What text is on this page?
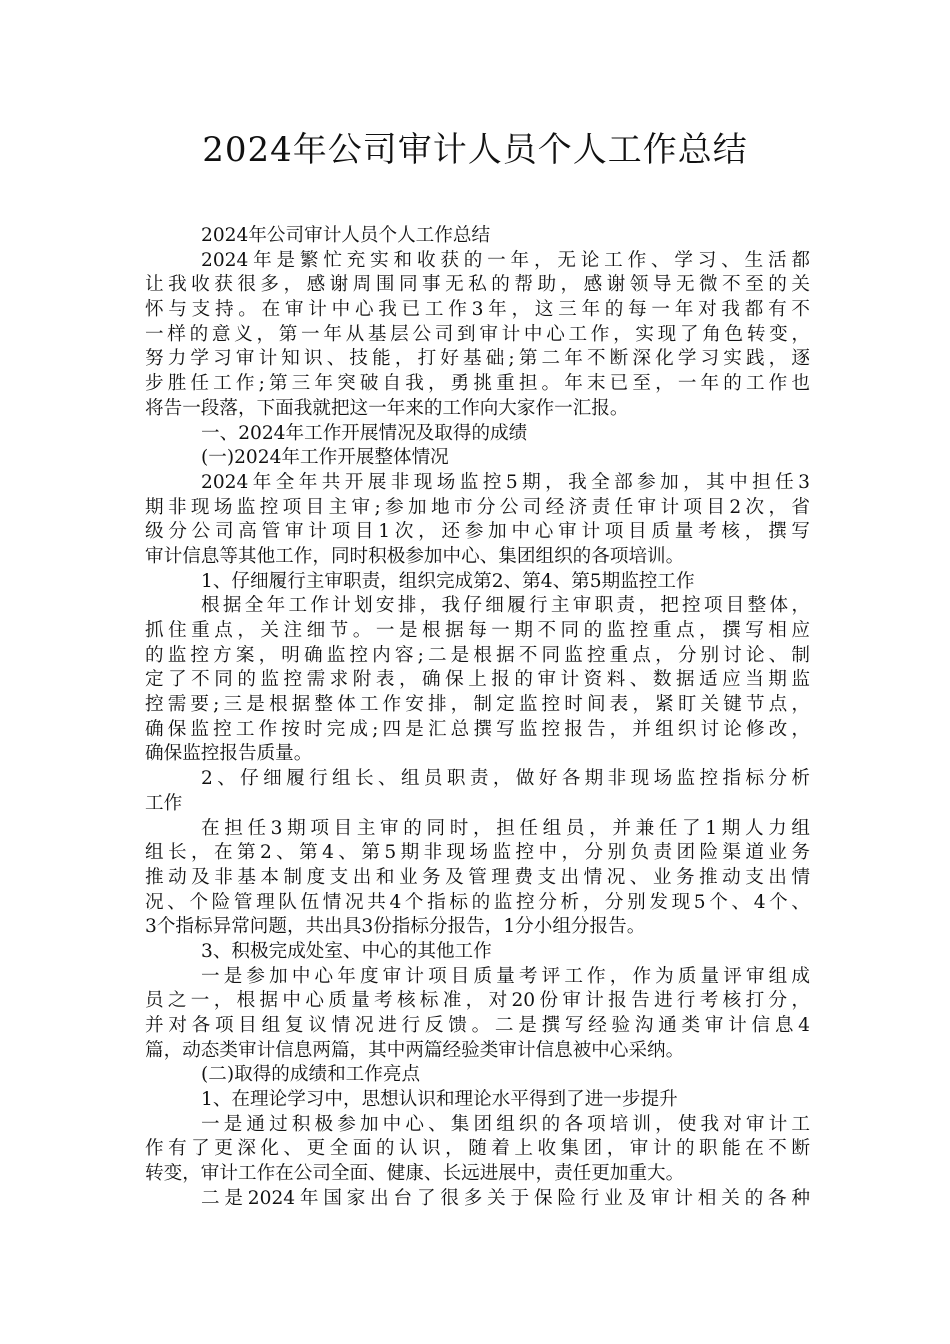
2024年公司审计人员个人工作总结
2024年公司审计人员个人工作总结
2024年是繁忙充实和收获的一年，无论工作、学习、生活都
让我收获很多，感谢周围同事无私的帮助，感谢领导无微不至的关
怀与支持。在审计中心我已工作3年，这三年的每一年对我都有不
一样的意义，第一年从基层公司到审计中心工作，实现了角色转变，
努力学习审计知识、技能，打好基础;第二年不断深化学习实践，逐
步胜任工作;第三年突破自我，勇挑重担。年末已至，一年的工作也
将告一段落，下面我就把这一年来的工作向大家作一汇报。
一、2024年工作开展情况及取得的成绩
(一)2024年工作开展整体情况
2024年全年共开展非现场监控5期，我全部参加，其中担任3
期非现场监控项目主审;参加地市分公司经济责任审计项目2次，省
级分公司高管审计项目1次，还参加中心审计项目质量考核，撰写
审计信息等其他工作，同时积极参加中心、集团组织的各项培训。
1、仔细履行主审职责，组织完成第2、第4、第5期监控工作
根据全年工作计划安排，我仔细履行主审职责，把控项目整体，
抓住重点，关注细节。一是根据每一期不同的监控重点，撰写相应
的监控方案，明确监控内容;二是根据不同监控重点，分别讨论、制
定了不同的监控需求附表，确保上报的审计资料、数据适应当期监
控需要;三是根据整体工作安排，制定监控时间表，紧盯关键节点，
确保监控工作按时完成;四是汇总撰写监控报告，并组织讨论修改，
确保监控报告质量。
2、仔细履行组长、组员职责，做好各期非现场监控指标分析
工作
在担任3期项目主审的同时，担任组员，并兼任了1期人力组
组长，在第2、第4、第5期非现场监控中，分别负责团险渠道业务
推动及非基本制度支出和业务及管理费支出情况、业务推动支出情
况、个险管理队伍情况共4个指标的监控分析，分别发现5个、4个、
3个指标异常问题，共出具3份指标分报告，1分小组分报告。
3、积极完成处室、中心的其他工作
一是参加中心年度审计项目质量考评工作，作为质量评审组成
员之一，根据中心质量考核标准，对20份审计报告进行考核打分，
并对各项目组复议情况进行反馈。二是撰写经验沟通类审计信息4
篇，动态类审计信息两篇，其中两篇经验类审计信息被中心采纳。
(二)取得的成绩和工作亮点
1、在理论学习中，思想认识和理论水平得到了进一步提升
一是通过积极参加中心、集团组织的各项培训，使我对审计工
作有了更深化、更全面的认识，随着上收集团，审计的职能在不断
转变，审计工作在公司全面、健康、长远进展中，责任更加重大。
二是2024年国家出台了很多关于保险行业及审计相关的各种
